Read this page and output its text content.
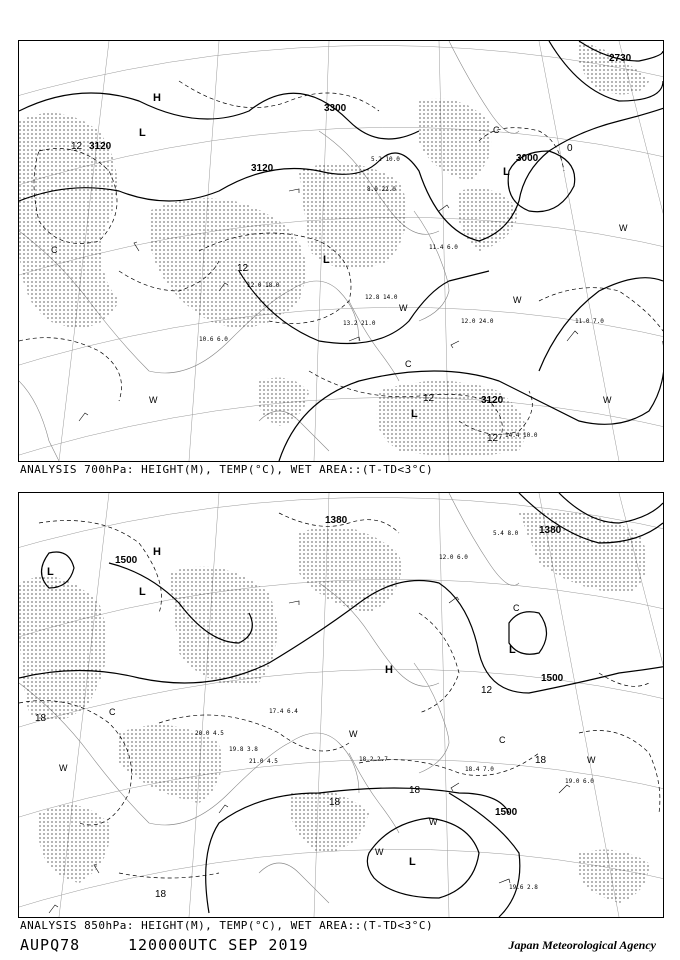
3300
3120
3120
3000
2730
3120
12
12
0
12
12
H
L
L
L
L
W
W
W
W	W
C
C
C
11.0 7.0
12.0 24.0
13.2 21.0
14.4 10.0
12.8 14.0
12.0 18.0
11.4 6.0
5.2 10.0
8.0 22.0
10.6 6.0
ANALYSIS 700hPa: HEIGHT(M), TEMP(°C), WET AREA::(T-TD<3°C)
1500
1500
1500
1380
1380
18
18
18
18
18
12
H
L
L
H
L
L
W
W
W
W
W
C
C
C
19.0 6.0
18.4 7.0
19.6 2.8
18.2 2.7
21.0 4.5
5.4 8.0
12.0 6.0
20.0 4.5
17.4 6.4
19.8 3.8
ANALYSIS 850hPa: HEIGHT(M), TEMP(°C), WET AREA::(T-TD<3°C)
AUPQ78	120000UTC SEP 2019	Japan Meteorological Agency
